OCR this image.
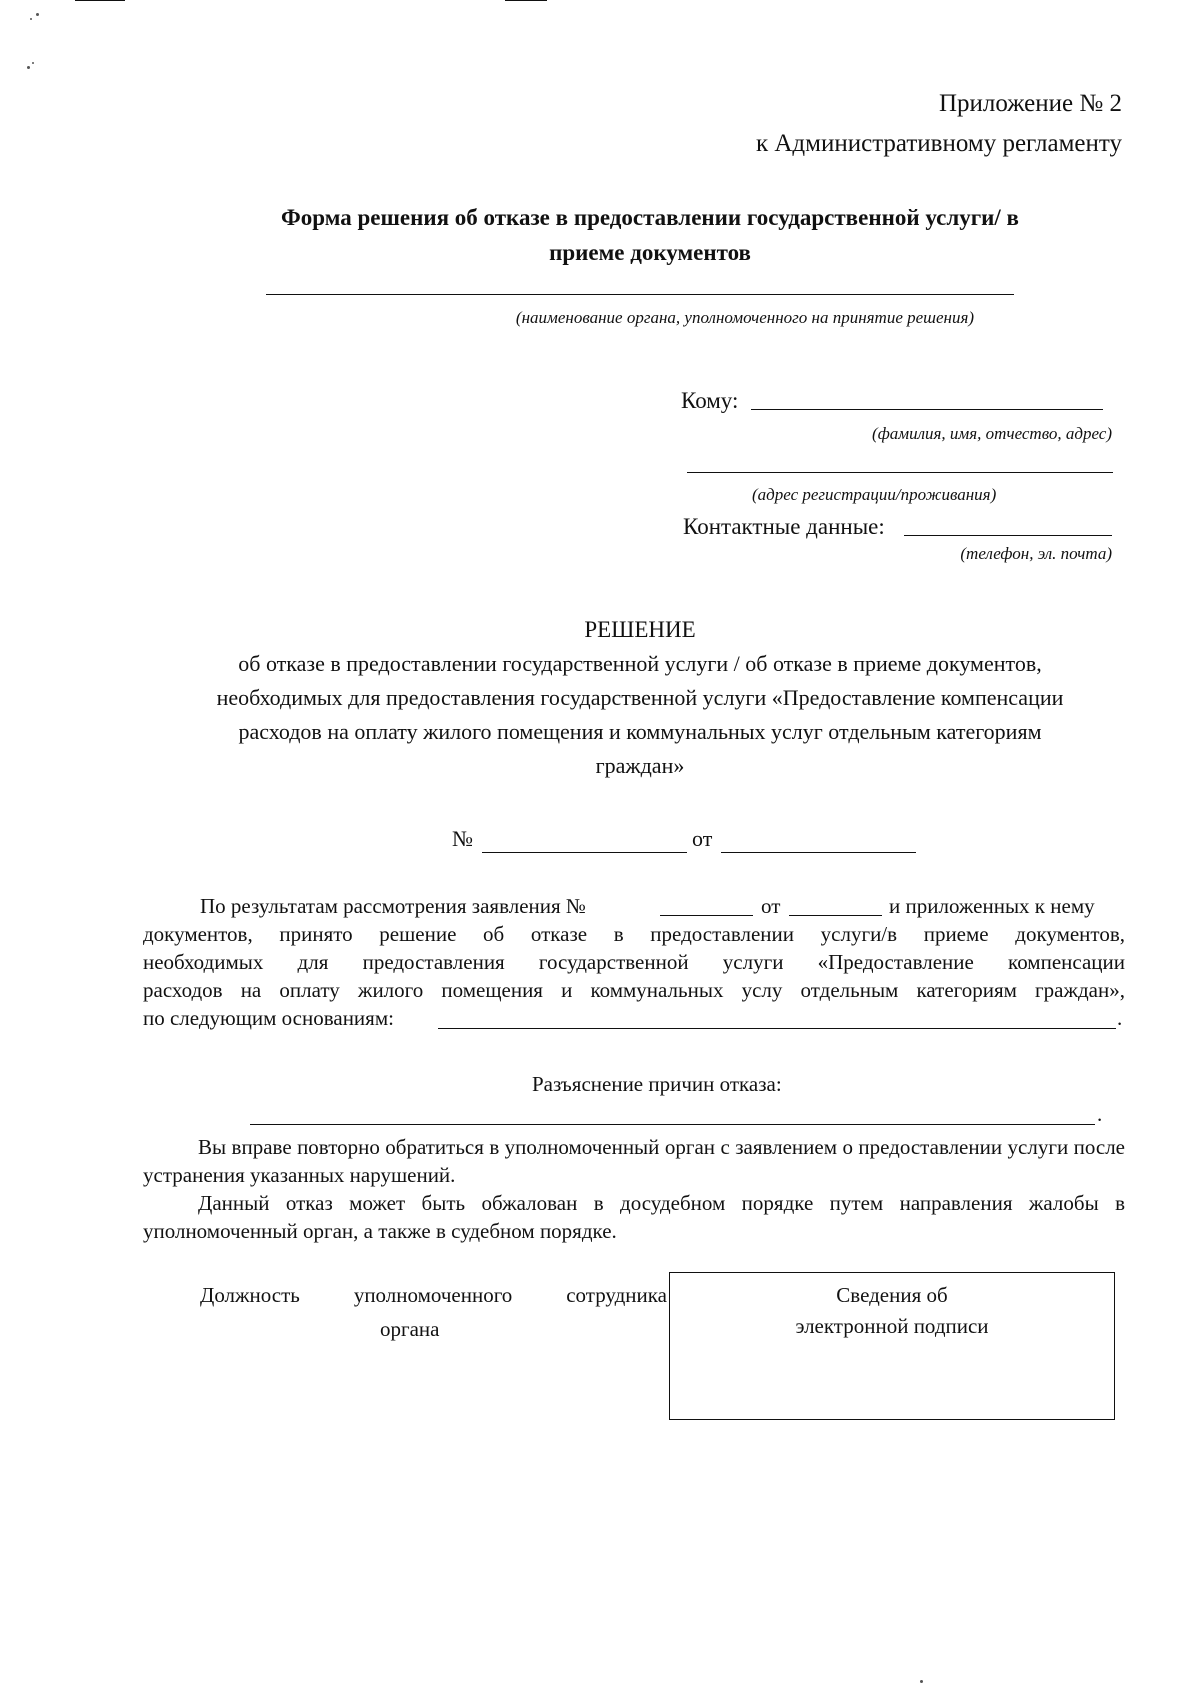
Приложение № 2
к Административному регламенту
Форма решения об отказе в предоставлении государственной услуги/ в
приеме документов
(наименование органа, уполномоченного на принятие решения)
Кому:
(фамилия, имя, отчество, адрес)
(адрес регистрации/проживания)
Контактные данные:
(телефон, эл. почта)
РЕШЕНИЕ
об отказе в предоставлении государственной услуги / об отказе в приеме документов,
необходимых для предоставления государственной услуги «Предоставление компенсации
расходов на оплату жилого помещения и коммунальных услуг отдельным категориям
граждан»
№	от
По результатам рассмотрения заявления №	от	и приложенных к нему
документов, принято решение об отказе в предоставлении услуги/в приеме документов,
необходимых для предоставления государственной услуги «Предоставление компенсации
расходов на оплату жилого помещения и коммунальных услу отдельным категориям граждан»,
по следующим основаниям:	.
Разъяснение причин отказа:
.
Вы вправе повторно обратиться в уполномоченный орган с заявлением о предоставлении услуги после устранения указанных нарушений.
Данный отказ может быть обжалован в досудебном порядке путем направления жалобы в уполномоченный орган, а также в судебном порядке.
Должность	уполномоченного	сотрудника
органа
Сведения об
электронной подписи
